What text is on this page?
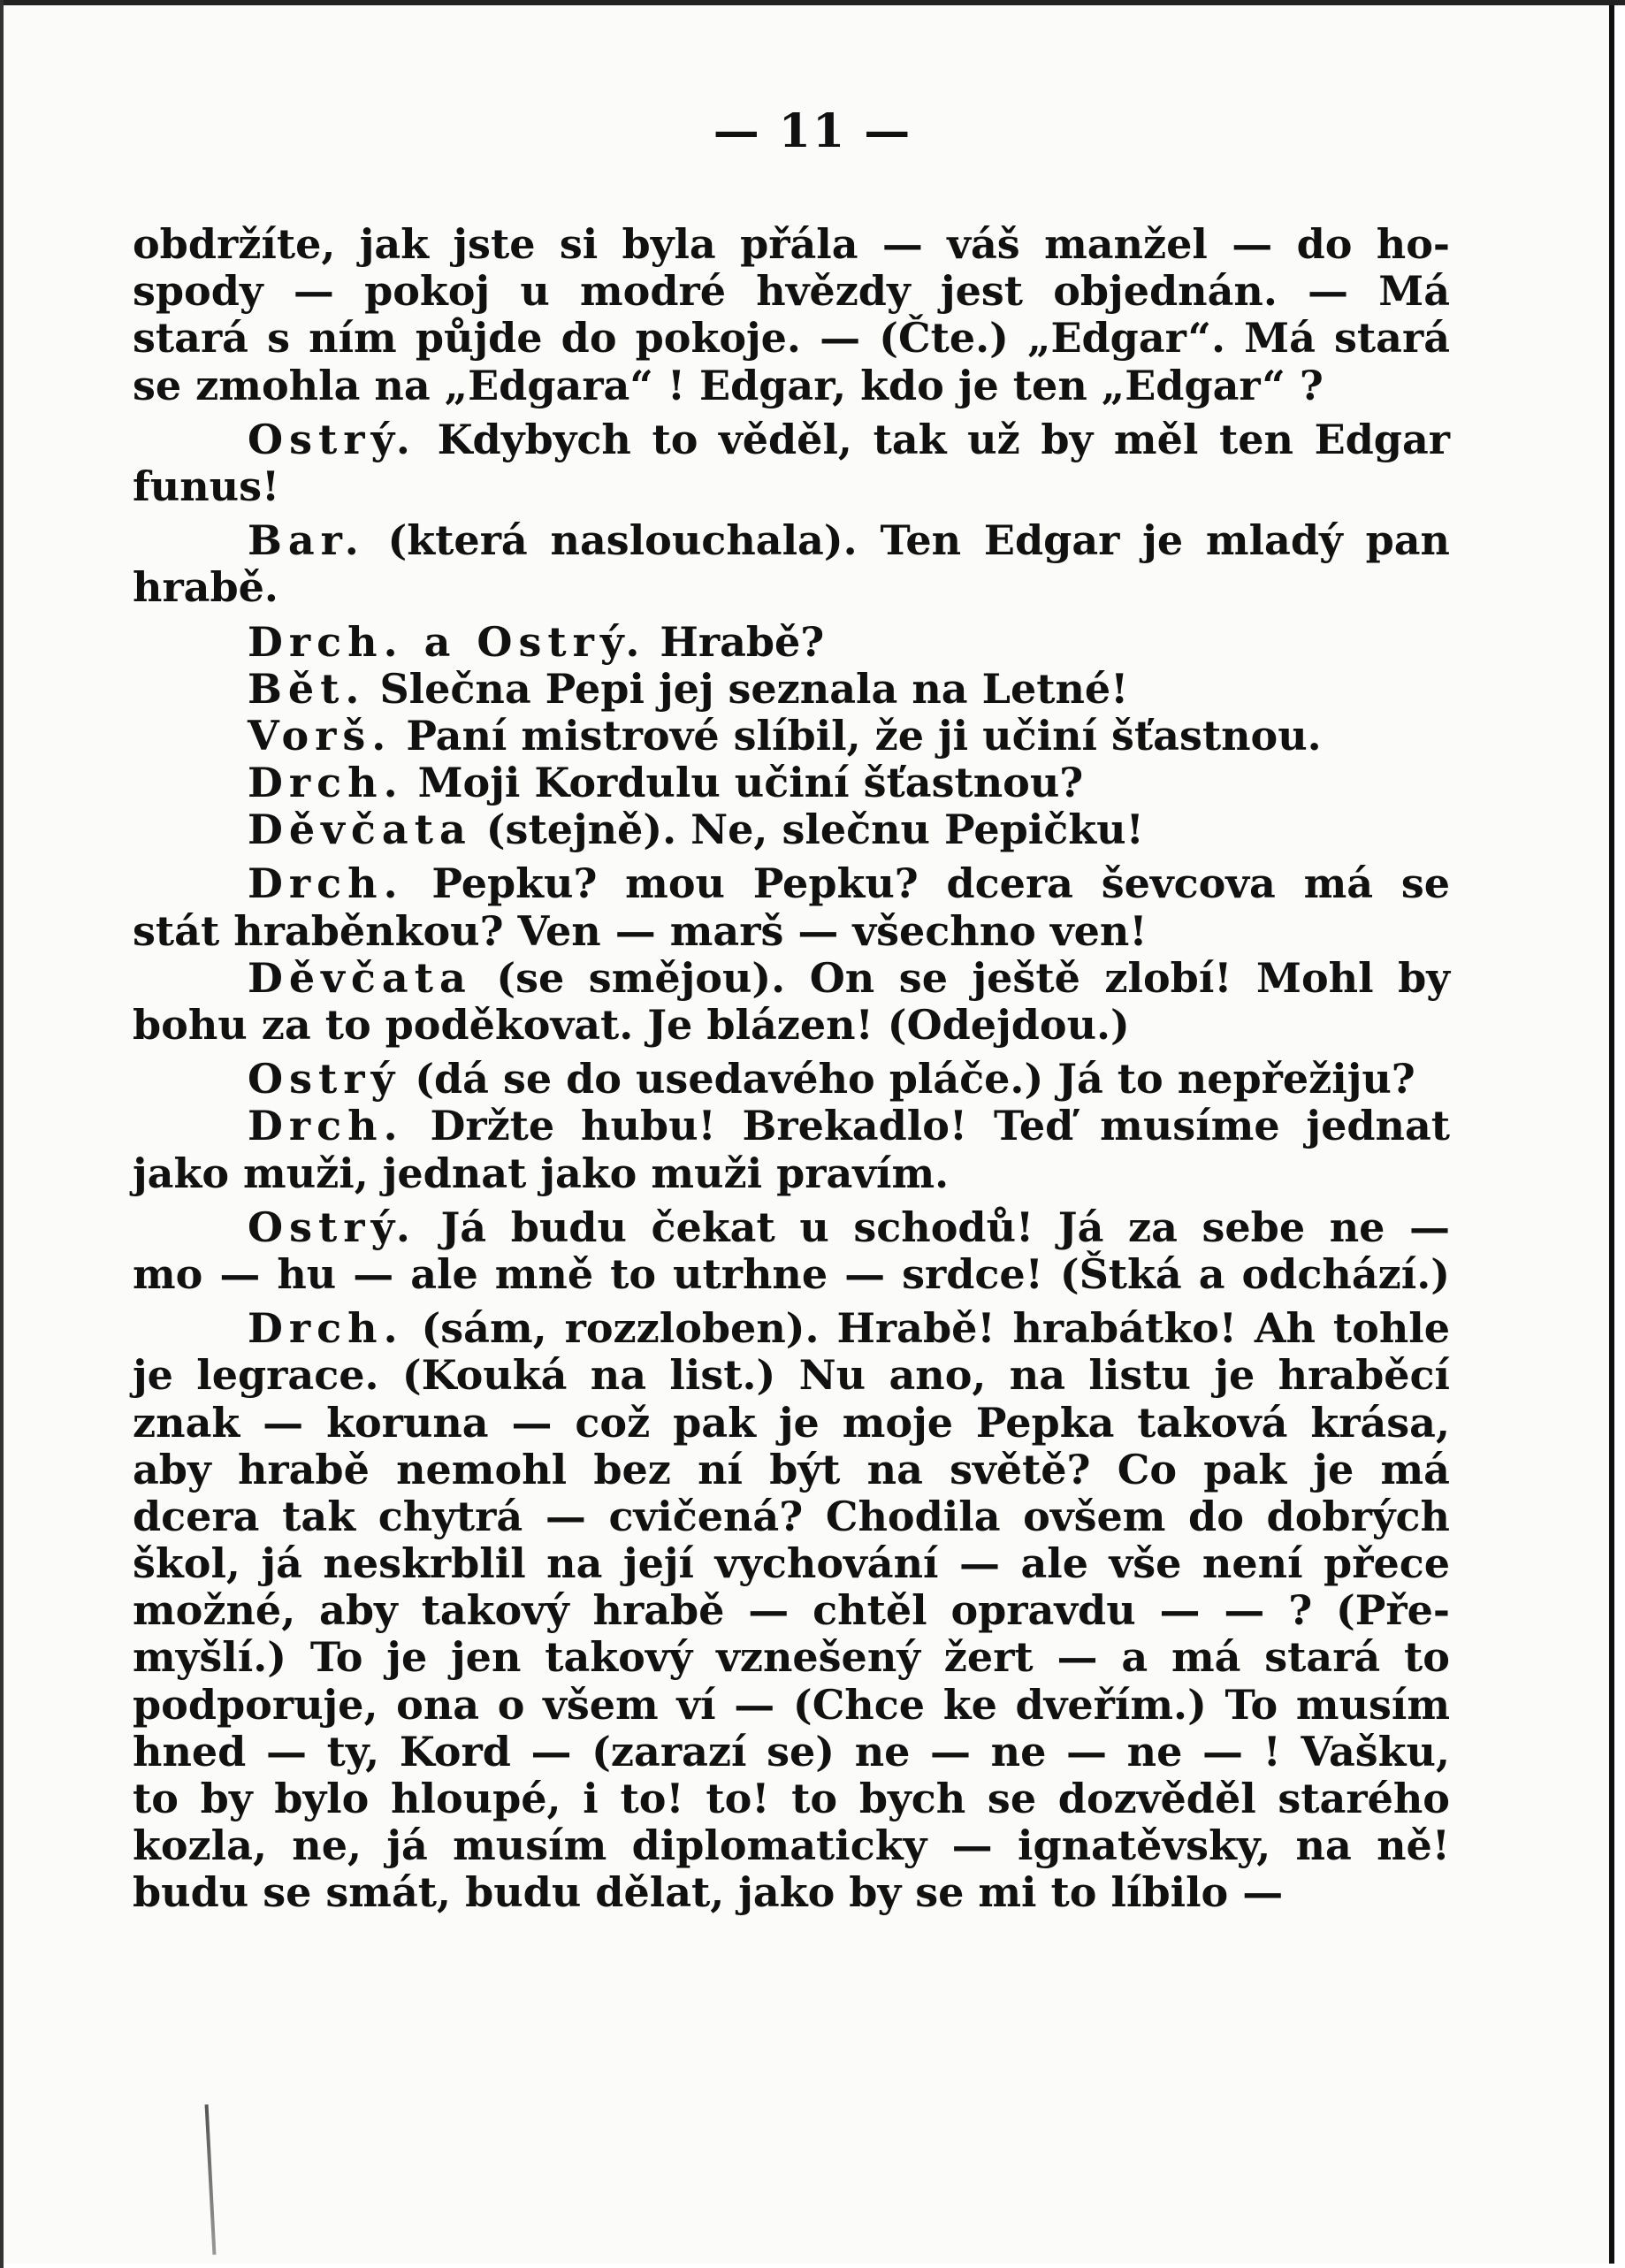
— 11 —
obdržíte, jak jste si byla přála — váš manžel — do ho-
spody — pokoj u modré hvězdy jest objednán. — Má
stará s ním půjde do pokoje. — (Čte.) „Edgar“. Má stará
se zmohla na „Edgara“ ! Edgar, kdo je ten „Edgar“ ?
Ostrý. Kdybych to věděl, tak už by měl ten Edgar
funus!
Bar. (která naslouchala). Ten Edgar je mladý pan
hrabě.
Drch. a Ostrý. Hrabě?
Bět. Slečna Pepi jej seznala na Letné!
Vorš. Paní mistrové slíbil, že ji učiní šťastnou.
Drch. Moji Kordulu učiní šťastnou?
Děvčata (stejně). Ne, slečnu Pepičku!
Drch. Pepku? mou Pepku? dcera ševcova má se
stát hraběnkou? Ven — marš — všechno ven!
Děvčata (se smějou). On se ještě zlobí! Mohl by
bohu za to poděkovat. Je blázen! (Odejdou.)
Ostrý (dá se do usedavého pláče.) Já to nepřežiju?
Drch. Držte hubu! Brekadlo! Teď musíme jednat
jako muži, jednat jako muži pravím.
Ostrý. Já budu čekat u schodů! Já za sebe ne —
mo — hu — ale mně to utrhne — srdce! (Štká a odchází.)
Drch. (sám, rozzloben). Hrabě! hrabátko! Ah tohle
je legrace. (Kouká na list.) Nu ano, na listu je hraběcí
znak — koruna — což pak je moje Pepka taková krása,
aby hrabě nemohl bez ní být na světě? Co pak je má
dcera tak chytrá — cvičená? Chodila ovšem do dobrých
škol, já neskrblil na její vychování — ale vše není přece
možné, aby takový hrabě — chtěl opravdu — — ? (Pře-
myšlí.) To je jen takový vznešený žert — a má stará to
podporuje, ona o všem ví — (Chce ke dveřím.) To musím
hned — ty, Kord — (zarazí se) ne — ne — ne — ! Vašku,
to by bylo hloupé, i to! to! to bych se dozvěděl starého
kozla, ne, já musím diplomaticky — ignatěvsky, na ně!
budu se smát, budu dělat, jako by se mi to líbilo —
